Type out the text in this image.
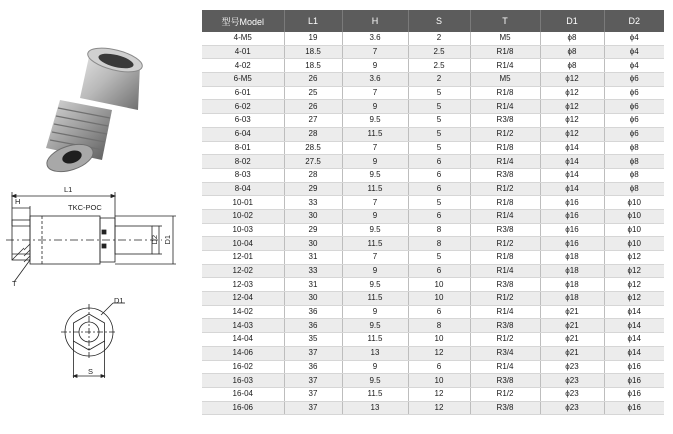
L1
H
TKC-POC
D2 D1
T
D1
S
型号Model	L1	H	S	T	D1	D2
4-M5	19	3.6	2	M5	ϕ8	ϕ4
4-01	18.5	7	2.5	R1/8	ϕ8	ϕ4
4-02	18.5	9	2.5	R1/4	ϕ8	ϕ4
6-M5	26	3.6	2	M5	ϕ12	ϕ6
6-01	25	7	5	R1/8	ϕ12	ϕ6
6-02	26	9	5	R1/4	ϕ12	ϕ6
6-03	27	9.5	5	R3/8	ϕ12	ϕ6
6-04	28	11.5	5	R1/2	ϕ12	ϕ6
8-01	28.5	7	5	R1/8	ϕ14	ϕ8
8-02	27.5	9	6	R1/4	ϕ14	ϕ8
8-03	28	9.5	6	R3/8	ϕ14	ϕ8
8-04	29	11.5	6	R1/2	ϕ14	ϕ8
10-01	33	7	5	R1/8	ϕ16	ϕ10
10-02	30	9	6	R1/4	ϕ16	ϕ10
10-03	29	9.5	8	R3/8	ϕ16	ϕ10
10-04	30	11.5	8	R1/2	ϕ16	ϕ10
12-01	31	7	5	R1/8	ϕ18	ϕ12
12-02	33	9	6	R1/4	ϕ18	ϕ12
12-03	31	9.5	10	R3/8	ϕ18	ϕ12
12-04	30	11.5	10	R1/2	ϕ18	ϕ12
14-02	36	9	6	R1/4	ϕ21	ϕ14
14-03	36	9.5	8	R3/8	ϕ21	ϕ14
14-04	35	11.5	10	R1/2	ϕ21	ϕ14
14-06	37	13	12	R3/4	ϕ21	ϕ14
16-02	36	9	6	R1/4	ϕ23	ϕ16
16-03	37	9.5	10	R3/8	ϕ23	ϕ16
16-04	37	11.5	12	R1/2	ϕ23	ϕ16
16-06	37	13	12	R3/8	ϕ23	ϕ16
